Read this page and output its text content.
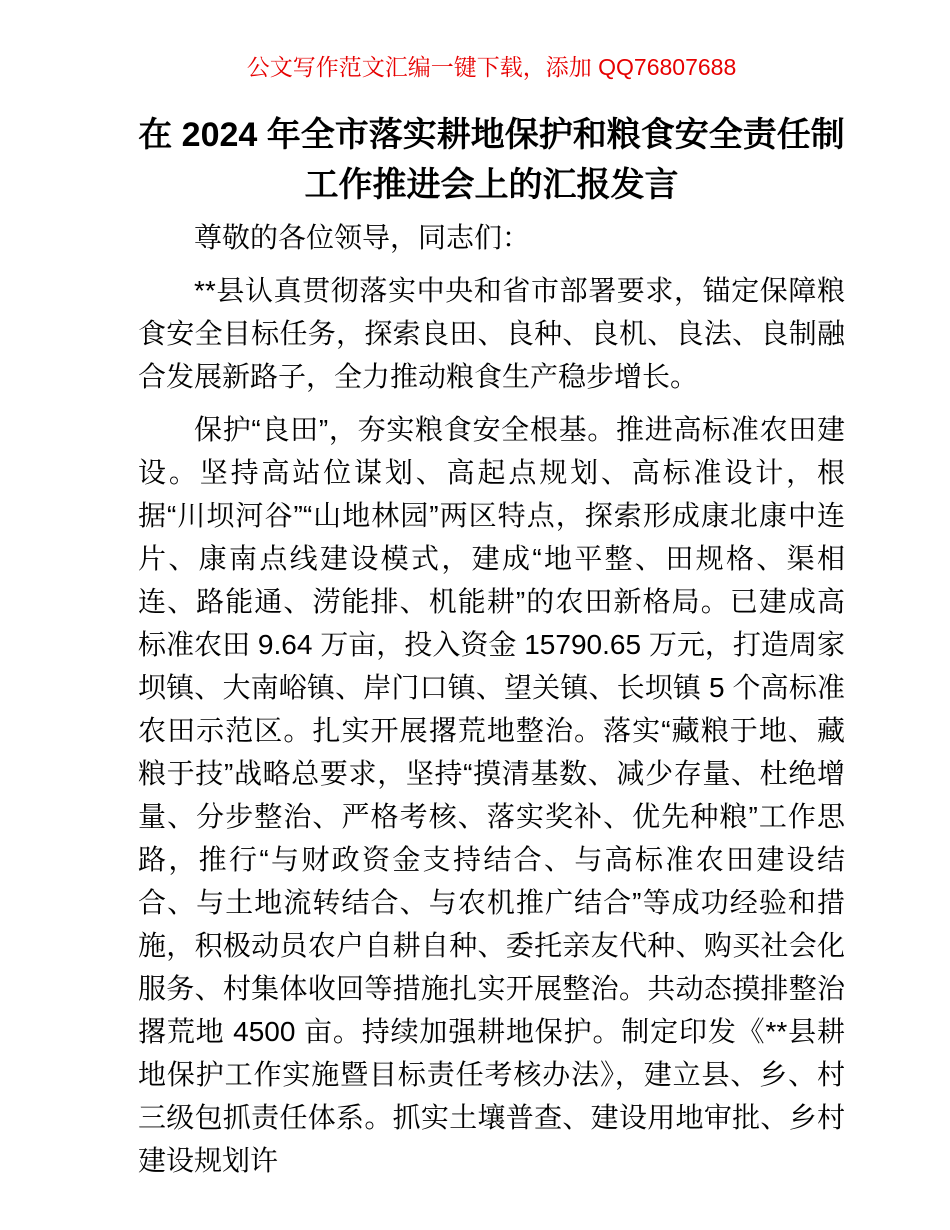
公文写作范文汇编一键下载，添加 QQ76807688
在 2024 年全市落实耕地保护和粮食安全责任制工作推进会上的汇报发言

尊敬的各位领导，同志们：

**县认真贯彻落实中央和省市部署要求，锚定保障粮食安全目标任务，探索良田、良种、良机、良法、良制融合发展新路子，全力推动粮食生产稳步增长。

保护“良田”，夯实粮食安全根基。推进高标准农田建设。坚持高站位谋划、高起点规划、高标准设计，根据“川坝河谷”“山地林园”两区特点，探索形成康北康中连片、康南点线建设模式，建成“地平整、田规格、渠相连、路能通、涝能排、机能耕”的农田新格局。已建成高标准农田 9.64 万亩，投入资金 15790.65 万元，打造周家坝镇、大南峪镇、岸门口镇、望关镇、长坝镇 5 个高标准农田示范区。扎实开展撂荒地整治。落实“藏粮于地、藏粮于技”战略总要求，坚持“摸清基数、减少存量、杜绝增量、分步整治、严格考核、落实奖补、优先种粮”工作思路，推行“与财政资金支持结合、与高标准农田建设结合、与土地流转结合、与农机推广结合”等成功经验和措施，积极动员农户自耕自种、委托亲友代种、购买社会化服务、村集体收回等措施扎实开展整治。共动态摸排整治撂荒地 4500 亩。持续加强耕地保护。制定印发《**县耕地保护工作实施暨目标责任考核办法》，建立县、乡、村三级包抓责任体系。抓实土壤普查、建设用地审批、乡村建设规划许
